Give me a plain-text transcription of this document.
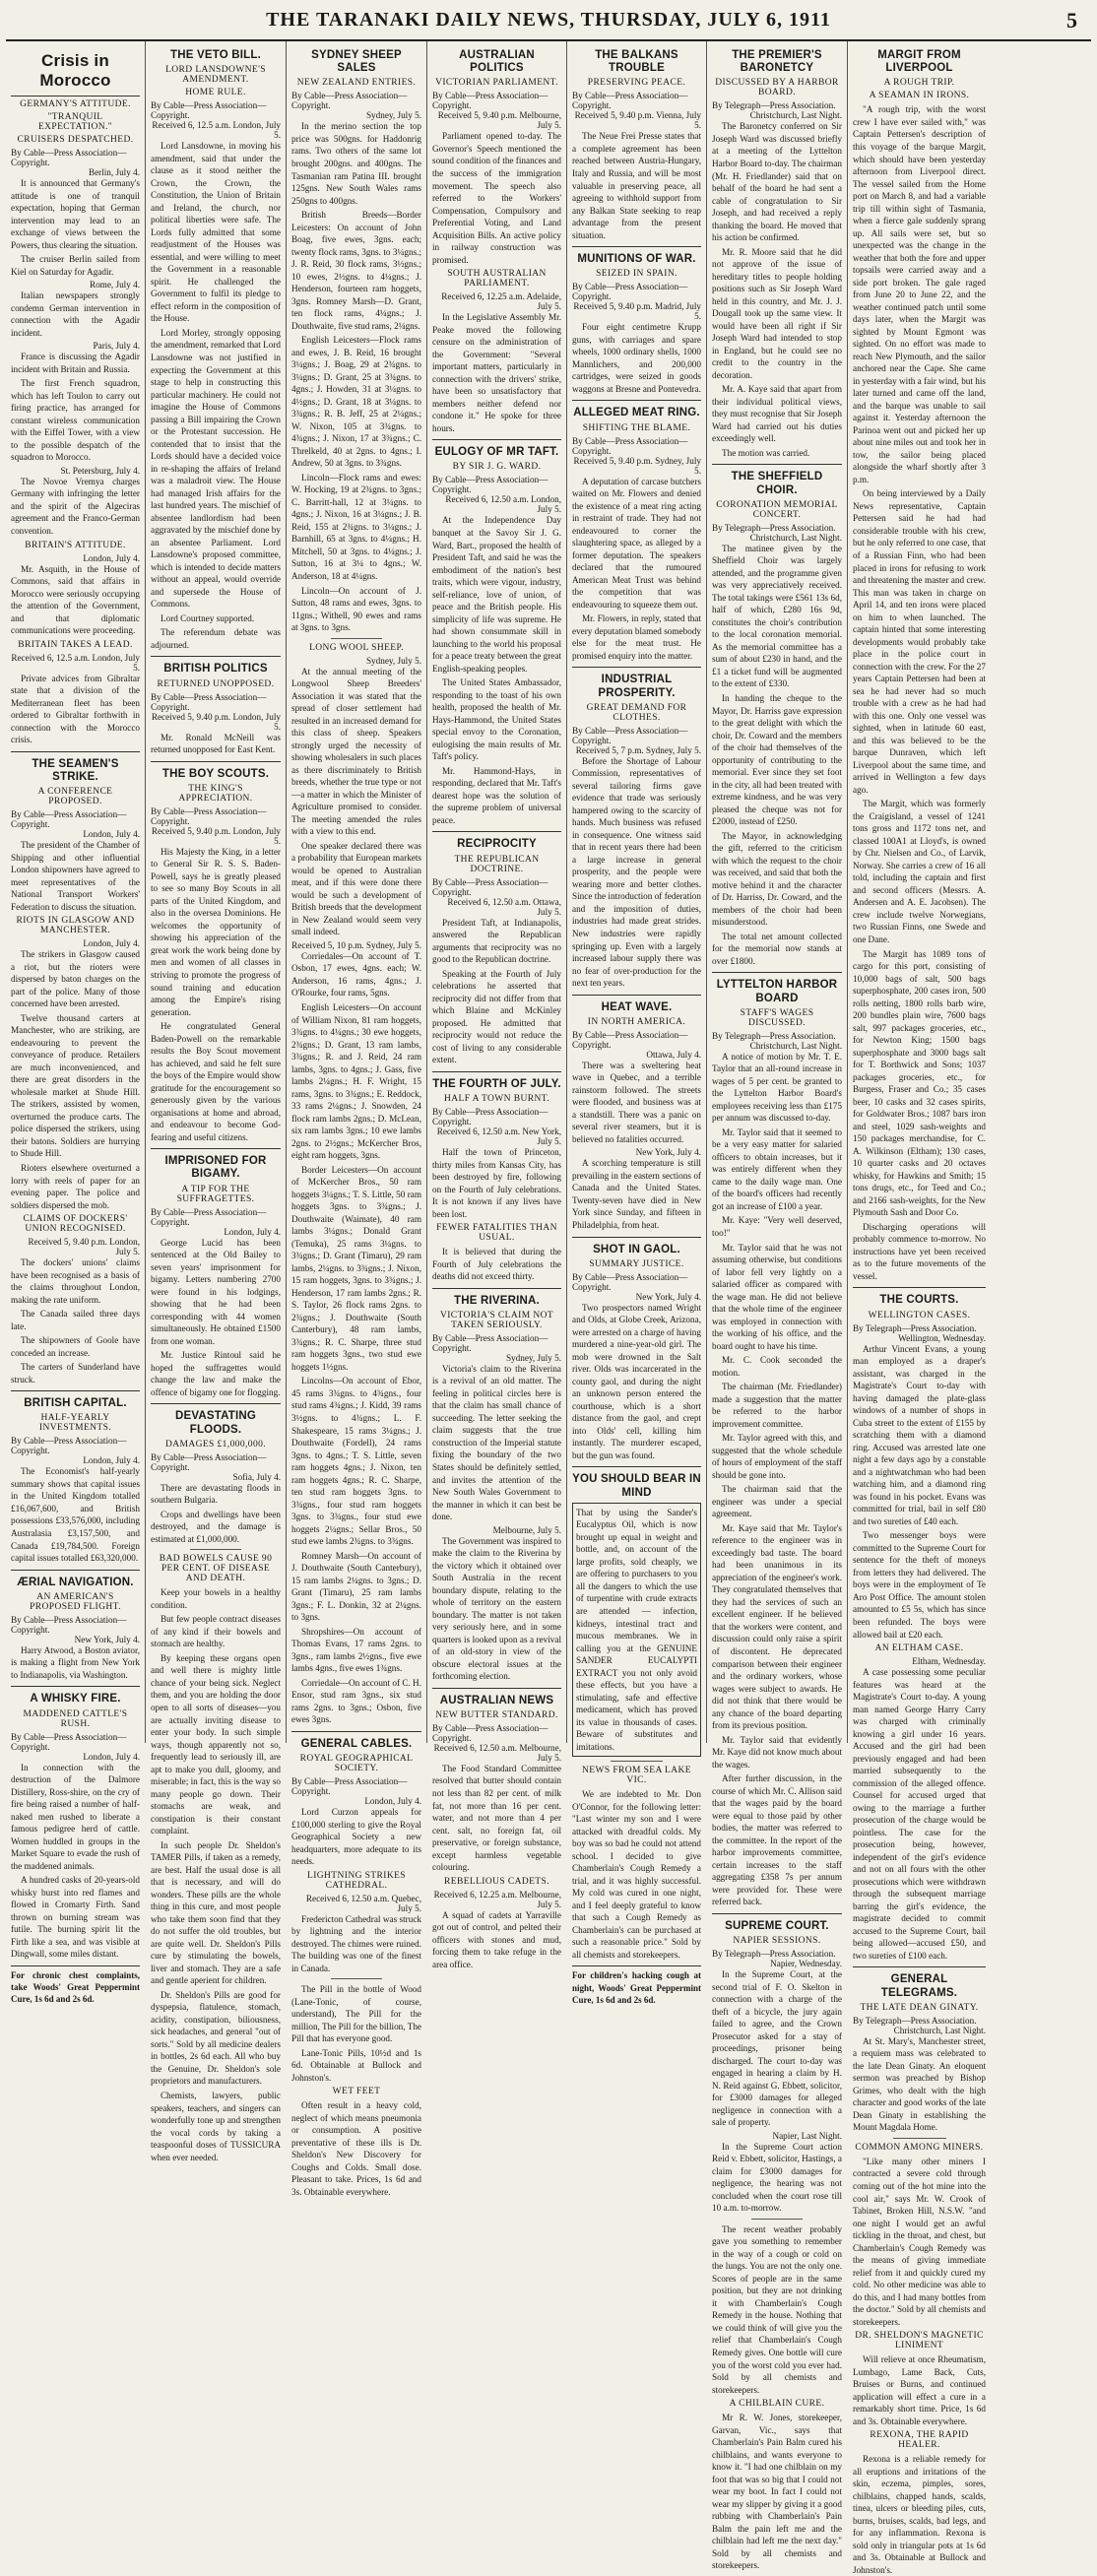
THE TARANAKI DAILY NEWS, THURSDAY, JULY 6, 1911	5
Crisis in Morocco
GERMANY'S ATTITUDE.
"TRANQUIL EXPECTATION."
CRUISERS DESPATCHED.
By Cable—Press Association—Copyright.
Berlin, July 4.

It is announced that Germany's attitude is one of tranquil expectation, hoping that German intervention may lead to an exchange of views between the Powers, thus clearing the situation.

The cruiser Berlin sailed from Kiel on Saturday for Agadir.

Rome, July 4.

Italian newspapers strongly condemn German intervention in connection with the Agadir incident.

Paris, July 4.

France is discussing the Agadir incident with Britain and Russia.

The first French squadron, which has left Toulon to carry out firing practice, has arranged for constant wireless communication with the Eiffel Tower, with a view to the possible despatch of the squadron to Morocco.

St. Petersburg, July 4.

The Novoe Vremya charges Germany with infringing the letter and the spirit of the Algeciras agreement and the Franco-German convention.

BRITAIN'S ATTITUDE.
London, July 4.

Mr. Asquith, in the House of Commons, said that affairs in Morocco were seriously occupying the attention of the Government, and that diplomatic communications were proceeding.

BRITAIN TAKES A LEAD.
Received 6, 12.5 a.m. London, July 5.

Private advices from Gibraltar state that a division of the Mediterranean fleet has been ordered to Gibraltar forthwith in connection with the Morocco crisis.

THE SEAMEN'S STRIKE.
A CONFERENCE PROPOSED.
By Cable—Press Association—Copyright.
London, July 4.

The president of the Chamber of Shipping and other influential London shipowners have agreed to meet representatives of the National Transport Workers' Federation to discuss the situation.

RIOTS IN GLASGOW AND MANCHESTER.
London, July 4.

The strikers in Glasgow caused a riot, but the rioters were dispersed by baton charges on the part of the police. Many of those concerned have been arrested.

Twelve thousand carters at Manchester, who are striking, are endeavouring to prevent the conveyance of produce. Retailers are much inconvenienced, and there are great disorders in the wholesale market at Shude Hill. The strikers, assisted by women, overturned the produce carts. The police dispersed the strikers, using their batons. Soldiers are hurrying to Shude Hill.

Rioters elsewhere overturned a lorry with reels of paper for an evening paper. The police and soldiers dispersed the mob.

CLAIMS OF DOCKERS' UNION RECOGNISED.
Received 5, 9.40 p.m. London, July 5.

The dockers' unions' claims have been recognised as a basis of the claims throughout London, making the rate uniform.

The Canada sailed three days late.

The shipowners of Goole have conceded an increase.

The carters of Sunderland have struck.

BRITISH CAPITAL.
HALF-YEARLY INVESTMENTS.
By Cable—Press Association—Copyright.
London, July 4.

The Economist's half-yearly summary shows that capital issues in the United Kingdom totalled £16,067,600, and British possessions £33,576,000, including Australasia £3,157,500, and Canada £19,784,500. Foreign capital issues totalled £63,320,000.

ÆRIAL NAVIGATION.
AN AMERICAN'S PROPOSED FLIGHT.
By Cable—Press Association—Copyright.
New York, July 4.

Harry Atwood, a Boston aviator, is making a flight from New York to Indianapolis, via Washington.

A WHISKY FIRE.
MADDENED CATTLE'S RUSH.
By Cable—Press Association—Copyright.
London, July 4.

In connection with the destruction of the Dalmore Distillery, Ross-shire, on the cry of fire being raised a number of half-naked men rushed to liberate a famous pedigree herd of cattle. Women huddled in groups in the Market Square to evade the rush of the maddened animals.

A hundred casks of 20-years-old whisky burst into red flames and flowed in Cromarty Firth. Sand thrown on burning stream was futile. The burning spirit lit the Firth like a sea, and was visible at Dingwall, some miles distant.

For chronic chest complaints, take Woods' Great Peppermint Cure, 1s 6d and 2s 6d.

THE VETO BILL.
LORD LANSDOWNE'S AMENDMENT.
HOME RULE.
By Cable—Press Association—Copyright.
Received 6, 12.5 a.m. London, July 5.

Lord Lansdowne, in moving his amendment, said that under the clause as it stood neither the Crown, the Crown, the Constitution, the Union of Britain and Ireland, the church, nor political liberties were safe. The Lords fully admitted that some readjustment of the Houses was essential, and were willing to meet the Government in a reasonable spirit. He challenged the Government to fulfil its pledge to effect reform in the composition of the House.

Lord Morley, strongly opposing the amendment, remarked that Lord Lansdowne was not justified in expecting the Government at this stage to help in constructing this particular machinery. He could not imagine the House of Commons passing a Bill impairing the Crown or the Protestant succession. He contended that to insist that the Lords should have a decided voice in re-shaping the affairs of Ireland was a maladroit view. The House had managed Irish affairs for the last hundred years. The mischief of absentee landlordism had been aggravated by the mischief done by an absentee Parliament. Lord Lansdowne's proposed committee, which is intended to decide matters without an appeal, would override and supersede the House of Commons.

Lord Courtney supported.

The referendum debate was adjourned.

BRITISH POLITICS
RETURNED UNOPPOSED.
By Cable—Press Association—Copyright.
Received 5, 9.40 p.m. London, July 5.

Mr. Ronald McNeill was returned unopposed for East Kent.

THE BOY SCOUTS.
THE KING'S APPRECIATION.
By Cable—Press Association—Copyright.
Received 5, 9.40 p.m. London, July 5.

His Majesty the King, in a letter to General Sir R. S. S. Baden-Powell, says he is greatly pleased to see so many Boy Scouts in all parts of the United Kingdom, and also in the oversea Dominions. He welcomes the opportunity of showing his appreciation of the great work the work being done by men and women of all classes in striving to promote the progress of sound training and education among the Empire's rising generation.

He congratulated General Baden-Powell on the remarkable results the Boy Scout movement has achieved, and said he felt sure the boys of the Empire would show gratitude for the encouragement so generously given by the various organisations at home and abroad, and endeavour to become God-fearing and useful citizens.

IMPRISONED FOR BIGAMY.
A TIP FOR THE SUFFRAGETTES.
By Cable—Press Association—Copyright.
London, July 4.

George Lucid has been sentenced at the Old Bailey to seven years' imprisonment for bigamy. Letters numbering 2700 were found in his lodgings, showing that he had been corresponding with 44 women simultaneously. He obtained £1500 from one woman.

Mr. Justice Rintoul said he hoped the suffragettes would change the law and make the offence of bigamy one for flogging.

DEVASTATING FLOODS.
DAMAGES £1,000,000.
By Cable—Press Association—Copyright.
Sofia, July 4.

There are devastating floods in southern Bulgaria.

Crops and dwellings have been destroyed, and the damage is estimated at £1,000,000.

BAD BOWELS CAUSE 90 PER CENT. OF DISEASE AND DEATH.

Keep your bowels in a healthy condition.

But few people contract diseases of any kind if their bowels and stomach are healthy.

By keeping these organs open and well there is mighty little chance of your being sick. Neglect them, and you are holding the door open to all sorts of diseases—you are actually inviting disease to enter your body. In such simple ways, though apparently not so, frequently lead to seriously ill, are apt to make you dull, gloomy, and miserable; in fact, this is the way so many people go down. Their stomachs are weak, and constipation is their constant complaint.

In such people Dr. Sheldon's TAMER Pills, if taken as a remedy, are best. Half the usual dose is all that is necessary, and will do wonders. These pills are the whole thing in this cure, and most people who take them soon find that they do not suffer the old troubles, but are quite well. Dr. Sheldon's Pills cure by stimulating the bowels, liver and stomach. They are a safe and gentle aperient for children.

Dr. Sheldon's Pills are good for dyspepsia, flatulence, stomach, acidity, constipation, biliousness, sick headaches, and general "out of sorts." Sold by all medicine dealers in bottles, 2s 6d each. All who buy the Genuine, Dr. Sheldon's sole proprietors and manufacturers.

Chemists, lawyers, public speakers, teachers, and singers can wonderfully tone up and strengthen the vocal cords by taking a teaspoonful doses of TUSSICURA when ever needed.

SYDNEY SHEEP SALES
NEW ZEALAND ENTRIES.
By Cable—Press Association—Copyright.
Sydney, July 5.

In the merino section the top price was 500gns. for Haddonrig rams. Two others of the same lot brought 200gns. and 400gns. The Tasmanian ram Patina III. brought 125gns. New South Wales rams 250gns to 400gns.

British Breeds—Border Leicesters: On account of John Boag, five ewes, 3gns. each; twenty flock rams, 3gns. to 3¼gns.; J. R. Reid, 30 flock rams, 3½gns.; 10 ewes, 2½gns. to 4¼gns.; J. Henderson, fourteen ram hoggets, 3gns. Romney Marsh—D. Grant, ten flock rams, 4¼gns.; J. Douthwaite, five stud rams, 2¼gns.

English Leicesters—Flock rams and ewes, J. B. Reid, 16 brought 3¼gns.; J. Boag, 29 at 2¾gns. to 3¼gns.; D. Grant, 25 at 3¾gns. to 4gns.; J. Howden, 31 at 3¼gns. to 4½gns.; D. Grant, 18 at 3¼gns. to 3¾gns.; R. B. Jeff, 25 at 2¼gns.; W. Nixon, 105 at 3¾gns. to 4¾gns.; J. Nixon, 17 at 3¾gns.; C. Threlkeld, 40 at 2gns. to 4gns.; I. Andrew, 50 at 3gns. to 3¾gns.

Lincoln—Flock rams and ewes: W. Hocking, 19 at 2¾gns. to 3gns.; C. Barritt-hall, 12 at 3¼gns. to 4gns.; J. Nixon, 16 at 3¼gns.; J. B. Reid, 155 at 2¾gns. to 3¼gns.; J. Barnhill, 65 at 3gns. to 4¼gns.; H. Mitchell, 50 at 3gns. to 4¼gns.; J. Sutton, 16 at 3¼ to 4gns.; W. Anderson, 18 at 4¼gns.

Lincoln—On account of J. Sutton, 48 rams and ewes, 3gns. to 11gns.; Withell, 90 ewes and rams at 3gns. to 3gns.

LONG WOOL SHEEP.
Sydney, July 5.

At the annual meeting of the Longwool Sheep Breeders' Association it was stated that the spread of closer settlement had resulted in an increased demand for this class of sheep. Speakers strongly urged the necessity of showing wholesalers in such places as there discriminately to British breeds, whether the true type or not—a matter in which the Minister of Agriculture promised to consider. The meeting amended the rules with a view to this end.

One speaker declared there was a probability that European markets would be opened to Australian meat, and if this were done there would be such a development of British breeds that the development in New Zealand would seem very small indeed.

Received 5, 10 p.m. Sydney, July 5.

Corriedales—On account of T. Osbon, 17 ewes, 4gns. each; W. Anderson, 16 rams, 4gns.; J. O'Rourke, four rams, 5gns.

English Leicesters—On account of William Nixon, 81 ram hoggets, 3¾gns. to 4¼gns.; 30 ewe hoggets, 2¾gns.; D. Grant, 13 ram lambs, 3¾gns.; R. and J. Reid, 24 ram lambs, 3gns. to 4gns.; J. Gass, five lambs 2¼gns.; H. F. Wright, 15 rams, 3gns. to 3¾gns.; E. Reddock, 33 rams 2¼gns.; J. Snowden, 24 flock ram lambs 2gns.; D. McLean, six ram lambs 3gns.; 10 ewe lambs 2gns. to 2½gns.; McKercher Bros, eight ram hoggets, 3gns.

Border Leicesters—On account of McKercher Bros., 50 ram hoggets 3¼gns.; T. S. Little, 50 ram hoggets 3gns. to 3¾gns.; J. Douthwaite (Waimate), 40 ram lambs 3¼gns.; Donald Grant (Temuka), 25 rams 3¼gns. to 3¾gns.; D. Grant (Timaru), 29 ram lambs, 2¼gns. to 3¾gns.; J. Nixon, 15 ram hoggets, 3gns. to 3¾gns.; J. Henderson, 17 ram lambs 2gns.; R. S. Taylor, 26 flock rams 2gns. to 2¾gns.; J. Douthwaite (South Canterbury), 48 ram lambs, 3¾gns.; R. C. Sharpe, three stud ram hoggets 3gns., two stud ewe hoggets 1½gns.

Lincolns—On account of Ebor, 45 rams 3¾gns. to 4¾gns., four stud rams 4¾gns.; J. Kidd, 39 rams 3½gns. to 4¾gns.; L. F. Shakespeare, 15 rams 3¼gns.; J. Douthwaite (Fordell), 24 rams 3gns. to 4gns.; T. S. Little, seven ram hoggets 4gns.; J. Nixon, ten ram hoggets 4gns.; R. C. Sharpe, ten stud ram hoggets 3gns. to 3¾gns., four stud ram hoggets 3gns. to 3¾gns., four stud ewe hoggets 2¼gns.; Sellar Bros., 50 stud ewe lambs 2¾gns. to 3¾gns.

Romney Marsh—On account of J. Douthwaite (South Canterbury), 15 ram lambs 2¼gns. to 3gns.; D. Grant (Timaru), 25 ram lambs 3gns.; F. L. Donkin, 32 at 2¼gns. to 3gns.

Shropshires—On account of Thomas Evans, 17 rams 2gns. to 3gns., ram lambs 2½gns., five ewe lambs 4gns., five ewes 1¾gns.

Corriedale—On account of C. H. Ensor, stud ram 3gns., six stud rams 2gns. to 3gns.; Osbon, five ewes 3gns.

GENERAL CABLES.
ROYAL GEOGRAPHICAL SOCIETY.
By Cable—Press Association—Copyright.
London, July 4.

Lord Curzon appeals for £100,000 sterling to give the Royal Geographical Society a new headquarters, more adequate to its needs.

LIGHTNING STRIKES CATHEDRAL.
Received 6, 12.50 a.m. Quebec, July 5.

Fredericton Cathedral was struck by lightning and the interior destroyed. The chimes were ruined. The building was one of the finest in Canada.

The Pill in the bottle of Wood (Lane-Tonic, of course, understand), The Pill for the million, The Pill for the billion, The Pill that has everyone good.

Lane-Tonic Pills, 10½d and 1s 6d. Obtainable at Bullock and Johnston's.

WET FEET

Often result in a heavy cold, neglect of which means pneumonia or consumption. A positive preventative of these ills is Dr. Sheldon's New Discovery for Coughs and Colds. Small dose. Pleasant to take. Prices, 1s 6d and 3s. Obtainable everywhere.

AUSTRALIAN POLITICS
VICTORIAN PARLIAMENT.
By Cable—Press Association—Copyright.
Received 5, 9.40 p.m. Melbourne, July 5.

Parliament opened to-day. The Governor's Speech mentioned the sound condition of the finances and the success of the immigration movement. The speech also referred to the Workers' Compensation, Compulsory and Preferential Voting, and Land Acquisition Bills. An active policy in railway construction was promised.

SOUTH AUSTRALIAN PARLIAMENT.
Received 6, 12.25 a.m. Adelaide, July 5.

In the Legislative Assembly Mr. Peake moved the following censure on the administration of the Government: "Several important matters, particularly in connection with the drivers' strike, have been so unsatisfactory that members neither defend nor condone it." He spoke for three hours.

EULOGY OF MR TAFT.
BY SIR J. G. WARD.
By Cable—Press Association—Copyright.
Received 6, 12.50 a.m. London, July 5.

At the Independence Day banquet at the Savoy Sir J. G. Ward, Bart., proposed the health of President Taft, and said he was the embodiment of the nation's best traits, which were vigour, industry, self-reliance, love of union, of peace and the British people. His simplicity of life was supreme. He had shown consummate skill in launching to the world his proposal for a peace treaty between the great English-speaking peoples.

The United States Ambassador, responding to the toast of his own health, proposed the health of Mr. Hays-Hammond, the United States special envoy to the Coronation, eulogising the main results of Mr. Taft's policy.

Mr. Hammond-Hays, in responding, declared that Mr. Taft's dearest hope was the solution of the supreme problem of universal peace.

RECIPROCITY
THE REPUBLICAN DOCTRINE.
By Cable—Press Association—Copyright.
Received 6, 12.50 a.m. Ottawa, July 5.

President Taft, at Indianapolis, answered the Republican arguments that reciprocity was no good to the Republican doctrine.

Speaking at the Fourth of July celebrations he asserted that reciprocity did not differ from that which Blaine and McKinley proposed. He admitted that reciprocity would not reduce the cost of living to any considerable extent.

THE FOURTH OF JULY.
HALF A TOWN BURNT.
By Cable—Press Association—Copyright.
Received 6, 12.50 a.m. New York, July 5.

Half the town of Princeton, thirty miles from Kansas City, has been destroyed by fire, following on the Fourth of July celebrations. It is not known if any lives have been lost.

FEWER FATALITIES THAN USUAL.

It is believed that during the Fourth of July celebrations the deaths did not exceed thirty.

THE RIVERINA.
VICTORIA'S CLAIM NOT TAKEN SERIOUSLY.
By Cable—Press Association—Copyright.
Sydney, July 5.

Victoria's claim to the Riverina is a revival of an old matter. The feeling in political circles here is that the claim has small chance of succeeding. The letter seeking the claim suggests that the true construction of the Imperial statute fixing the boundary of the two States should be definitely settled, and invites the attention of the New South Wales Government to the manner in which it can best be done.

Melbourne, July 5.

The Government was inspired to make the claim to the Riverina by the victory which it obtained over South Australia in the recent boundary dispute, relating to the whole of territory on the eastern boundary. The matter is not taken very seriously here, and in some quarters is looked upon as a revival of an old-story in view of the obscure electoral issues at the forthcoming election.

AUSTRALIAN NEWS
NEW BUTTER STANDARD.
By Cable—Press Association—Copyright.
Received 6, 12.50 a.m. Melbourne, July 5.

The Food Standard Committee resolved that butter should contain not less than 82 per cent. of milk fat, not more than 16 per cent. water, and not more than 4 per cent. salt, no foreign fat, oil preservative, or foreign substance, except harmless vegetable colouring.

REBELLIOUS CADETS.
Received 6, 12.25 a.m. Melbourne, July 5.

A squad of cadets at Yarraville got out of control, and pelted their officers with stones and mud, forcing them to take refuge in the area office.

THE BALKANS TROUBLE
PRESERVING PEACE.
By Cable—Press Association—Copyright.
Received 5, 9.40 p.m. Vienna, July 5.

The Neue Frei Presse states that a complete agreement has been reached between Austria-Hungary, Italy and Russia, and will be most valuable in preserving peace, all agreeing to withhold support from any Balkan State seeking to reap advantage from the present situation.

MUNITIONS OF WAR.
SEIZED IN SPAIN.
By Cable—Press Association—Copyright.
Received 5, 9.40 p.m. Madrid, July 5.

Four eight centimetre Krupp guns, with carriages and spare wheels, 1000 ordinary shells, 1000 Mannlichers, and 200,000 cartridges, were seized in goods waggons at Bresne and Pontevedra.

ALLEGED MEAT RING.
SHIFTING THE BLAME.
By Cable—Press Association—Copyright.
Received 5, 9.40 p.m. Sydney, July 5.

A deputation of carcase butchers waited on Mr. Flowers and denied the existence of a meat ring acting in restraint of trade. They had not endeavoured to corner the slaughtering space, as alleged by a former deputation. The speakers declared that the rumoured American Meat Trust was behind the competition that was endeavouring to squeeze them out.

Mr. Flowers, in reply, stated that every deputation blamed somebody else for the meat trust. He promised enquiry into the matter.

INDUSTRIAL PROSPERITY.
GREAT DEMAND FOR CLOTHES.
By Cable—Press Association—Copyright.
Received 5, 7 p.m. Sydney, July 5.

Before the Shortage of Labour Commission, representatives of several tailoring firms gave evidence that trade was seriously hampered owing to the scarcity of hands. Much business was refused in consequence. One witness said that in recent years there had been a large increase in general prosperity, and the people were wearing more and better clothes. Since the introduction of federation and the imposition of duties, industries had made great strides. New industries were rapidly springing up. Even with a largely increased labour supply there was no fear of over-production for the next ten years.

HEAT WAVE.
IN NORTH AMERICA.
By Cable—Press Association—Copyright.
Ottawa, July 4.

There was a sweltering heat wave in Quebec, and a terrible rainstorm followed. The streets were flooded, and business was at a standstill. There was a panic on several river steamers, but it is believed no fatalities occurred.

New York, July 4.

A scorching temperature is still prevailing in the eastern sections of Canada and the United States. Twenty-seven have died in New York since Sunday, and fifteen in Philadelphia, from heat.

SHOT IN GAOL.
SUMMARY JUSTICE.
By Cable—Press Association—Copyright.
New York, July 4.

Two prospectors named Wright and Olds, at Globe Creek, Arizona, were arrested on a charge of having murdered a nine-year-old girl. The mob were drowned in the Salt river. Olds was incarcerated in the county gaol, and during the night an unknown person entered the courthouse, which is a short distance from the gaol, and crept into Olds' cell, killing him instantly. The murderer escaped, but the gun was found.

YOU SHOULD BEAR IN MIND

That by using the Sander's Eucalyptus Oil, which is now brought up equal in weight and bottle, and, on account of the large profits, sold cheaply, we are offering to purchasers to you all the dangers to which the use of turpentine with crude extracts are attended — infection, kidneys, intestinal tract and mucous membranes. We in calling you at the GENUINE SANDER EUCALYPTI EXTRACT you not only avoid these effects, but you have a stimulating, safe and effective medicament, which has proved its value in thousands of cases. Beware of substitutes and imitations.

NEWS FROM SEA LAKE VIC.

We are indebted to Mr. Don O'Connor, for the following letter: "Last winter my son and I were attacked with dreadful colds. My boy was so bad he could not attend school. I decided to give Chamberlain's Cough Remedy a trial, and it was highly successful. My cold was cured in one night, and I feel deeply grateful to know that such a Cough Remedy as Chamberlain's can be purchased at such a reasonable price." Sold by all chemists and storekeepers.

For children's hacking cough at night, Woods' Great Peppermint Cure, 1s 6d and 2s 6d.

THE PREMIER'S BARONETCY
DISCUSSED BY A HARBOR BOARD.
By Telegraph—Press Association.
Christchurch, Last Night.

The Baronetcy conferred on Sir Joseph Ward was discussed briefly at a meeting of the Lyttelton Harbor Board to-day. The chairman (Mr. H. Friedlander) said that on behalf of the board he had sent a cable of congratulation to Sir Joseph, and had received a reply thanking the board. He moved that his action be confirmed.

Mr. R. Moore said that he did not approve of the issue of hereditary titles to people holding positions such as Sir Joseph Ward held in this country, and Mr. J. J. Dougall took up the same view. It would have been all right if Sir Joseph Ward had intended to stop in England, but he could see no credit to the country in the decoration.

Mr. A. Kaye said that apart from their individual political views, they must recognise that Sir Joseph Ward had carried out his duties exceedingly well.

The motion was carried.

THE SHEFFIELD CHOIR.
CORONATION MEMORIAL CONCERT.
By Telegraph—Press Association.
Christchurch, Last Night.

The matinee given by the Sheffield Choir was largely attended, and the programme given was very appreciatively received. The total takings were £561 13s 6d, half of which, £280 16s 9d, constitutes the choir's contribution to the local coronation memorial. As the memorial committee has a sum of about £230 in hand, and the £1 a ticket fund will be augmented to the extent of £330.

In handing the cheque to the Mayor, Dr. Harriss gave expression to the great delight with which the choir, Dr. Coward and the members of the choir had themselves of the opportunity of contributing to the memorial. Ever since they set foot in the city, all had been treated with extreme kindness, and he was very pleased the cheque was not for £2000, instead of £250.

The Mayor, in acknowledging the gift, referred to the criticism with which the request to the choir was received, and said that both the motive behind it and the character of Dr. Harriss, Dr. Coward, and the members of the choir had been misunderstood.

The total net amount collected for the memorial now stands at over £1800.

LYTTELTON HARBOR BOARD
STAFF'S WAGES DISCUSSED.
By Telegraph—Press Association.
Christchurch, Last Night.

A notice of motion by Mr. T. E. Taylor that an all-round increase in wages of 5 per cent. be granted to the Lyttelton Harbor Board's employees receiving less than £175 per annum was discussed to-day.

Mr. Taylor said that it seemed to be a very easy matter for salaried officers to obtain increases, but it was entirely different when they came to the daily wage man. One of the board's officers had recently got an increase of £100 a year.

Mr. Kaye: "Very well deserved, too!"

Mr. Taylor said that he was not assuming otherwise, but conditions of labor fell very lightly on a salaried officer as compared with the wage man. He did not believe that the whole time of the engineer was employed in connection with the working of his office, and the board ought to have his time.

Mr. C. Cook seconded the motion.

The chairman (Mr. Friedlander) made a suggestion that the matter be referred to the harbor improvement committee.

Mr. Taylor agreed with this, and suggested that the whole schedule of hours of employment of the staff should be gone into.

The chairman said that the engineer was under a special agreement.

Mr. Kaye said that Mr. Taylor's reference to the engineer was in exceedingly bad taste. The board had been unanimous in its appreciation of the engineer's work. They congratulated themselves that they had the services of such an excellent engineer. If he believed that the workers were content, and discussion could only raise a spirit of discontent. He deprecated comparison between their engineer and the ordinary workers, whose wages were subject to awards. He did not think that there would be any chance of the board departing from its previous position.

Mr. Taylor said that evidently Mr. Kaye did not know much about the wages.

After further discussion, in the course of which Mr. C. Allison said that the wages paid by the board were equal to those paid by other bodies, the matter was referred to the committee. In the report of the harbor improvements committee, certain increases to the staff aggregating £358 7s per annum were provided for. These were referred back.

SUPREME COURT.
NAPIER SESSIONS.
By Telegraph—Press Association.
Napier, Wednesday.

In the Supreme Court, at the second trial of F. O. Skelton in connection with a charge of the theft of a bicycle, the jury again failed to agree, and the Crown Prosecutor asked for a stay of proceedings, prisoner being discharged. The court to-day was engaged in hearing a claim by H. N. Reid against G. Ebbett, solicitor, for £3000 damages for alleged negligence in connection with a sale of property.

Napier, Last Night.

In the Supreme Court action Reid v. Ebbett, solicitor, Hastings, a claim for £3000 damages for negligence, the hearing was not concluded when the court rose till 10 a.m. to-morrow.

The recent weather probably gave you something to remember in the way of a cough or cold on the lungs. You are not the only one. Scores of people are in the same position, but they are not drinking it with Chamberlain's Cough Remedy in the house. Nothing that we could think of will give you the relief that Chamberlain's Cough Remedy gives. One bottle will cure you of the worst cold you ever had. Sold by all chemists and storekeepers.

A CHILBLAIN CURE.

Mr R. W. Jones, storekeeper, Garvan, Vic., says that Chamberlain's Pain Balm cured his chilblains, and wants everyone to know it. "I had one chilblain on my foot that was so big that I could not wear my boot. In fact I could not wear my slipper by giving it a good rubbing with Chamberlain's Pain Balm the pain left me and the chilblain had left me the next day." Sold by all chemists and storekeepers.

MARGIT FROM LIVERPOOL
A ROUGH TRIP.
A SEAMAN IN IRONS.

"A rough trip, with the worst crew I have ever sailed with," was Captain Pettersen's description of this voyage of the barque Margit, which should have been yesterday afternoon from Liverpool direct. The vessel sailed from the Home port on March 8, and had a variable trip till within sight of Tasmania, when a fierce gale suddenly sprang up. All sails were set, but so unexpected was the change in the weather that both the fore and upper topsails were carried away and a side port broken. The gale raged from June 20 to June 22, and the weather continued patch until some days later, when the Margit was sighted by Mount Egmont was sighted. On no effort was made to reach New Plymouth, and the sailor anchored near the Cape. She came in yesterday with a fair wind, but his later turned and came off the land, and the barque was unable to sail against it. Yesterday afternoon the Parinoa went out and picked her up about nine miles out and took her in tow, the sailor being placed alongside the wharf shortly after 3 p.m.

On being interviewed by a Daily News representative, Captain Pettersen said he had had considerable trouble with his crew, but he only referred to one case, that of a Russian Finn, who had been placed in irons for refusing to work and threatening the master and crew. This man was taken in charge on April 14, and ten irons were placed on him to when launched. The captain hinted that some interesting developments would probably take place in the police court in connection with the crew. For the 27 years Captain Pettersen had been at sea he had never had so much trouble with a crew as he had had with this one. Only one vessel was sighted, when in latitude 60 east, and this was believed to be the barque Dunraven, which left Liverpool about the same time, and arrived in Wellington a few days ago.

The Margit, which was formerly the Craigisland, a vessel of 1241 tons gross and 1172 tons net, and classed 100A1 at Lloyd's, is owned by Chr. Nielsen and Co., of Larvik, Norway. She carries a crew of 16 all told, including the captain and first and second officers (Messrs. A. Andersen and A. E. Jacobsen). The crew include twelve Norwegians, two Russian Finns, one Swede and one Dane.

The Margit has 1089 tons of cargo for this port, consisting of 10,000 bags of salt, 500 bags superphosphate, 200 cases iron, 500 rolls netting, 1800 rolls barb wire, 200 bundles plain wire, 7600 bags salt, 997 packages groceries, etc., for Newton King; 1500 bags superphosphate and 3000 bags salt for T. Borthwick and Sons; 1037 packages groceries, etc., for Burgess, Fraser and Co.; 35 cases beer, 10 casks and 32 cases spirits, for Goldwater Bros.; 1087 bars iron and steel, 1029 sash-weights and 150 packages merchandise, for C. A. Wilkinson (Eltham); 130 cases, 10 quarter casks and 20 octaves whisky, for Hawkins and Smith; 15 tons drugs, etc., for Teed and Co.; and 2166 sash-weights, for the New Plymouth Sash and Door Co.

Discharging operations will probably commence to-morrow. No instructions have yet been received as to the future movements of the vessel.

THE COURTS.
WELLINGTON CASES.
By Telegraph—Press Association.
Wellington, Wednesday.

Arthur Vincent Evans, a young man employed as a draper's assistant, was charged in the Magistrate's Court to-day with having damaged the plate-glass windows of a number of shops in Cuba street to the extent of £155 by scratching them with a diamond ring. Accused was arrested late one night a few days ago by a constable and a nightwatchman who had been watching him, and a diamond ring was found in his pocket. Evans was committed for trial, bail in self £80 and two sureties of £40 each.

Two messenger boys were committed to the Supreme Court for sentence for the theft of moneys from letters they had delivered. The boys were in the employment of Te Aro Post Office. The amount stolen amounted to £5 5s, which has since been refunded. The boys were allowed bail at £20 each.

AN ELTHAM CASE.
Eltham, Wednesday.

A case possessing some peculiar features was heard at the Magistrate's Court to-day. A young man named George Harry Carry was charged with criminally knowing a girl under 16 years. Accused and the girl had been previously engaged and had been married subsequently to the commission of the alleged offence. Counsel for accused urged that owing to the marriage a further prosecution of the charge would be pointless. The case for the prosecution being, however, independent of the girl's evidence and not on all fours with the other prosecutions which were withdrawn through the subsequent marriage barring the girl's evidence, the magistrate decided to commit accused to the Supreme Court, bail being allowed—accused £50, and two sureties of £100 each.

GENERAL TELEGRAMS.
THE LATE DEAN GINATY.
By Telegraph—Press Association.
Christchurch, Last Night.

At St. Mary's, Manchester street, a requiem mass was celebrated to the late Dean Ginaty. An eloquent sermon was preached by Bishop Grimes, who dealt with the high character and good works of the late Dean Ginaty in establishing the Mount Magdala Home.

COMMON AMONG MINERS.

"Like many other miners I contracted a severe cold through coming out of the hot mine into the cool air," says Mr. W. Crook of Tabinet, Broken Hill, N.S.W. "and one night I would get an awful tickling in the throat, and chest, but Chamberlain's Cough Remedy was the means of giving immediate relief from it and quickly cured my cold. No other medicine was able to do this, and I had many bottles from the doctor." Sold by all chemists and storekeepers.

DR. SHELDON'S MAGNETIC LINIMENT

Will relieve at once Rheumatism, Lumbago, Lame Back, Cuts, Bruises or Burns, and continued application will effect a cure in a remarkably short time. Price, 1s 6d and 3s. Obtainable everywhere.

REXONA, THE RAPID HEALER.

Rexona is a reliable remedy for all eruptions and irritations of the skin, eczema, pimples, sores, chilblains, chapped hands, scalds, tinea, ulcers or bleeding piles, cuts, burns, bruises, scalds, bad legs, and for any inflammation. Rexona is sold only in triangular pots at 1s 6d and 3s. Obtainable at Bullock and Johnston's.
